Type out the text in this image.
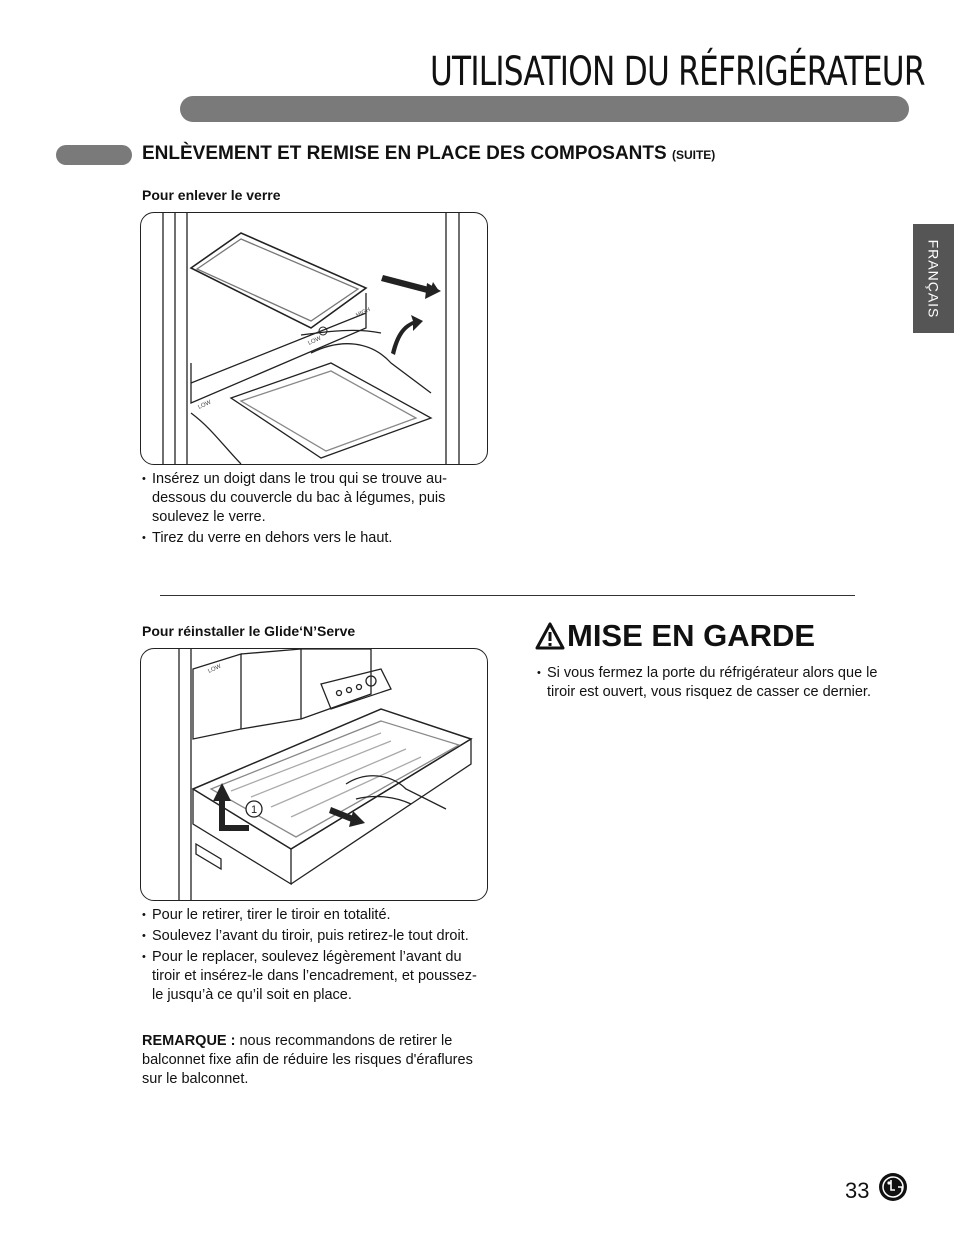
UTILISATION DU RÉFRIGÉRATEUR
ENLÈVEMENT ET REMISE EN PLACE DES COMPOSANTS (SUITE)
FRANÇAIS
Pour enlever le verre
LOW
HIGH
LOW
• Insérez un doigt dans le trou qui se trouve au-dessous du couvercle du bac à légumes, puis soulevez le verre.
• Tirez du verre en dehors vers le haut.
Pour réinstaller le Glide‘N’Serve
1
LOW
• Pour le retirer, tirer le tiroir en totalité.
• Soulevez l’avant du tiroir, puis retirez-le tout droit.
• Pour le replacer, soulevez légèrement l’avant du tiroir et insérez-le dans l’encadrement, et poussez-le jusqu’à ce qu’il soit en place.
REMARQUE : nous recommandons de retirer le balconnet fixe afin de réduire les risques d'éraflures sur le balconnet.
MISE EN GARDE
• Si vous fermez la porte du réfrigérateur alors que le tiroir est ouvert, vous risquez de casser ce dernier.
33
